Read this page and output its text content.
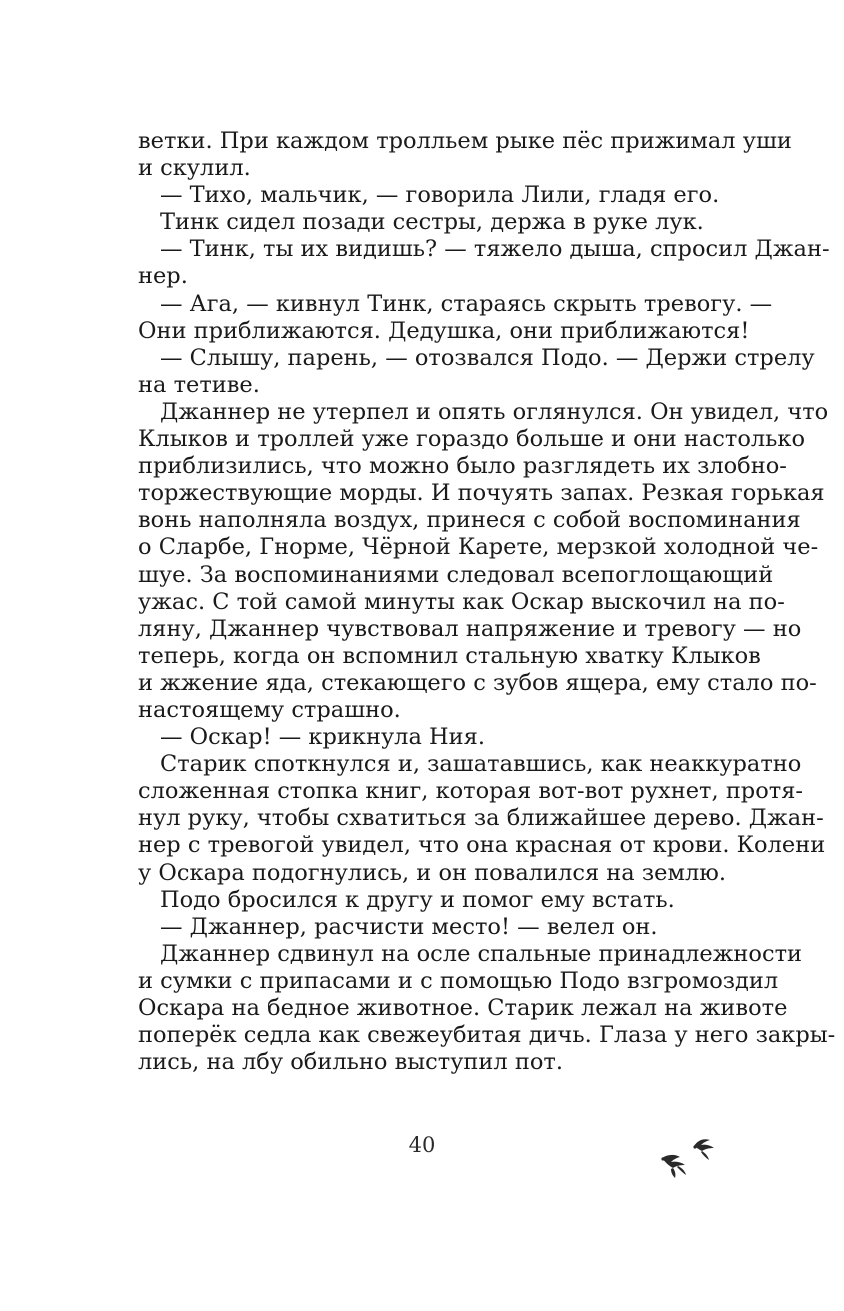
ветки. При каждом тролльем рыке пёс прижимал уши
и скулил.
— Тихо, мальчик, — говорила Лили, гладя его.
Тинк сидел позади сестры, держа в руке лук.
— Тинк, ты их видишь? — тяжело дыша, спросил Джан-
нер.
— Ага, — кивнул Тинк, стараясь скрыть тревогу. —
Они приближаются. Дедушка, они приближаются!
— Слышу, парень, — отозвался Подо. — Держи стрелу
на тетиве.
Джаннер не утерпел и опять оглянулся. Он увидел, что
Клыков и троллей уже гораздо больше и они настолько
приблизились, что можно было разглядеть их злобно-
торжествующие морды. И почуять запах. Резкая горькая
вонь наполняла воздух, принеся с собой воспоминания
о Сларбе, Гнорме, Чёрной Карете, мерзкой холодной че-
шуе. За воспоминаниями следовал всепоглощающий
ужас. С той самой минуты как Оскар выскочил на по-
ляну, Джаннер чувствовал напряжение и тревогу — но
теперь, когда он вспомнил стальную хватку Клыков
и жжение яда, стекающего с зубов ящера, ему стало по-
настоящему страшно.
— Оскар! — крикнула Ния.
Старик споткнулся и, зашатавшись, как неаккуратно
сложенная стопка книг, которая вот-вот рухнет, протя-
нул руку, чтобы схватиться за ближайшее дерево. Джан-
нер с тревогой увидел, что она красная от крови. Колени
у Оскара подогнулись, и он повалился на землю.
Подо бросился к другу и помог ему встать.
— Джаннер, расчисти место! — велел он.
Джаннер сдвинул на осле спальные принадлежности
и сумки с припасами и с помощью Подо взгромоздил
Оскара на бедное животное. Старик лежал на животе
поперёк седла как свежеубитая дичь. Глаза у него закры-
лись, на лбу обильно выступил пот.
40
